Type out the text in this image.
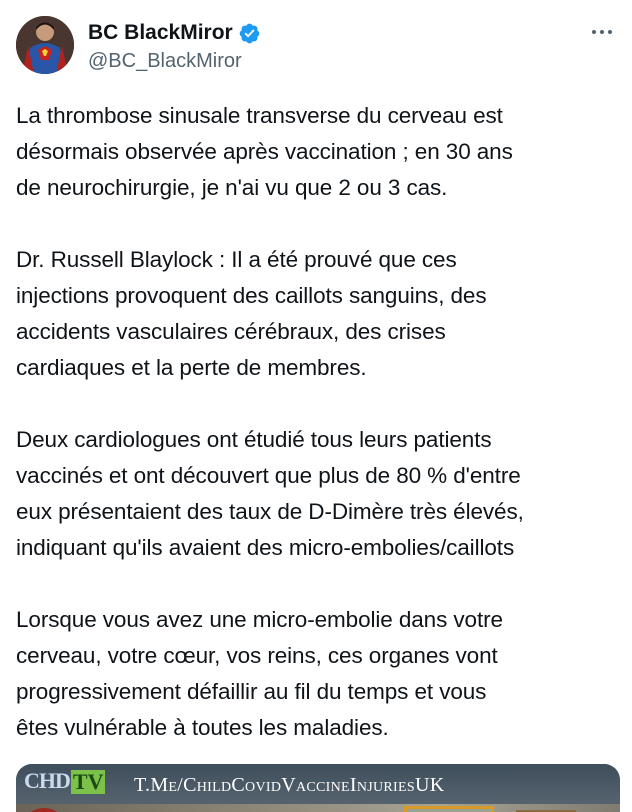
BC BlackMiror
@BC_BlackMiror

La thrombose sinusale transverse du cerveau est
désormais observée après vaccination ; en 30 ans
de neurochirurgie, je n'ai vu que 2 ou 3 cas.

Dr. Russell Blaylock : Il a été prouvé que ces
injections provoquent des caillots sanguins, des
accidents vasculaires cérébraux, des crises
cardiaques et la perte de membres.

Deux cardiologues ont étudié tous leurs patients
vaccinés et ont découvert que plus de 80 % d'entre
eux présentaient des taux de D-Dimère très élevés,
indiquant qu'ils avaient des micro-embolies/caillots

Lorsque vous avez une micro-embolie dans votre
cerveau, votre cœur, vos reins, ces organes vont
progressivement défaillir au fil du temps et vous
êtes vulnérable à toutes les maladies.

CHD TV T.Me/ChildCovidVaccineInjuriesUK
